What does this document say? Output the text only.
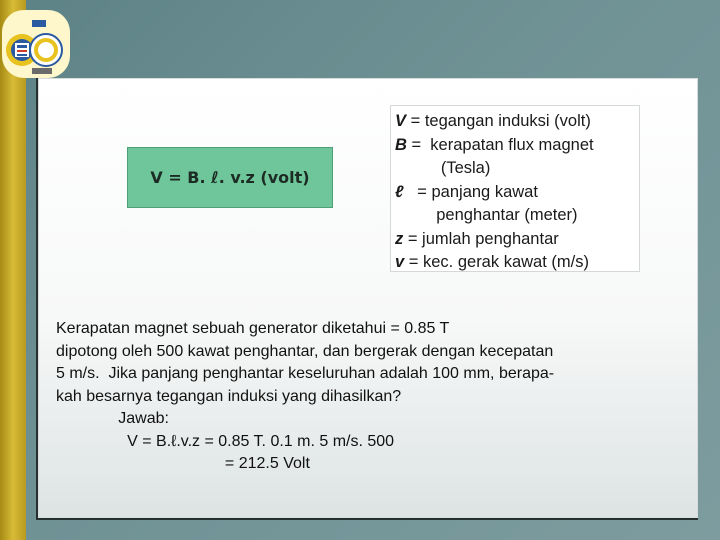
V = B. ℓ. v.z (volt)

V = tegangan induksi (volt)

B =  kerapatan flux magnet

(Tesla)

ℓ   = panjang kawat

penghantar (meter)

z = jumlah penghantar

v = kec. gerak kawat (m/s)

Kerapatan magnet sebuah generator diketahui = 0.85 T

dipotong oleh 500 kawat penghantar, dan bergerak dengan kecepatan

5 m/s.  Jika panjang penghantar keseluruhan adalah 100 mm, berapa-

kah besarnya tegangan induksi yang dihasilkan?

Jawab:

V = B.ℓ.v.z = 0.85 T. 0.1 m. 5 m/s. 500

= 212.5 Volt
